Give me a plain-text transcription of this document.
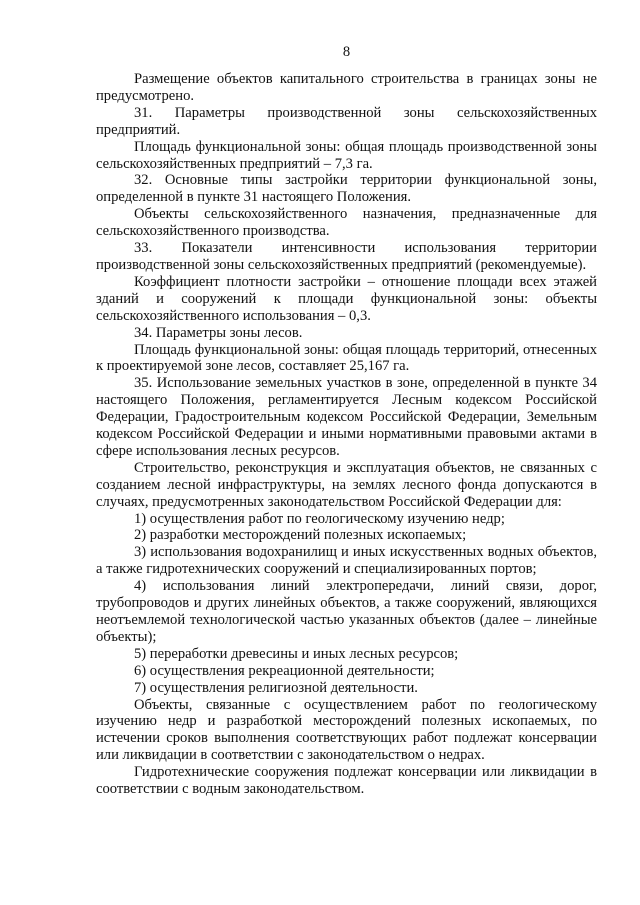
8

Размещение объектов капитального строительства в границах зоны не предусмотрено.

31. Параметры производственной зоны сельскохозяйственных предприятий.

Площадь функциональной зоны: общая площадь производственной зоны сельскохозяйственных предприятий – 7,3 га.

32. Основные типы застройки территории функциональной зоны, определенной в пункте 31 настоящего Положения.

Объекты сельскохозяйственного назначения, предназначенные для сельскохозяйственного производства.

33. Показатели интенсивности использования территории производственной зоны сельскохозяйственных предприятий (рекомендуемые).

Коэффициент плотности застройки – отношение площади всех этажей зданий и сооружений к площади функциональной зоны: объекты сельскохозяйственного использования – 0,3.

34. Параметры зоны лесов.

Площадь функциональной зоны: общая площадь территорий, отнесенных к проектируемой зоне лесов, составляет 25,167 га.

35. Использование земельных участков в зоне, определенной в пункте 34 настоящего Положения, регламентируется Лесным кодексом Российской Федерации, Градостроительным кодексом Российской Федерации, Земельным кодексом Российской Федерации и иными нормативными правовыми актами в сфере использования лесных ресурсов.

Строительство, реконструкция и эксплуатация объектов, не связанных с созданием лесной инфраструктуры, на землях лесного фонда допускаются в случаях, предусмотренных законодательством Российской Федерации для:

1) осуществления работ по геологическому изучению недр;

2) разработки месторождений полезных ископаемых;

3) использования водохранилищ и иных искусственных водных объектов, а также гидротехнических сооружений и специализированных портов;

4) использования линий электропередачи, линий связи, дорог, трубопроводов и других линейных объектов, а также сооружений, являющихся неотъемлемой технологической частью указанных объектов (далее – линейные объекты);

5) переработки древесины и иных лесных ресурсов;

6) осуществления рекреационной деятельности;

7) осуществления религиозной деятельности.

Объекты, связанные с осуществлением работ по геологическому изучению недр и разработкой месторождений полезных ископаемых, по истечении сроков выполнения соответствующих работ подлежат консервации или ликвидации в соответствии с законодательством о недрах.

Гидротехнические сооружения подлежат консервации или ликвидации в соответствии с водным законодательством.
